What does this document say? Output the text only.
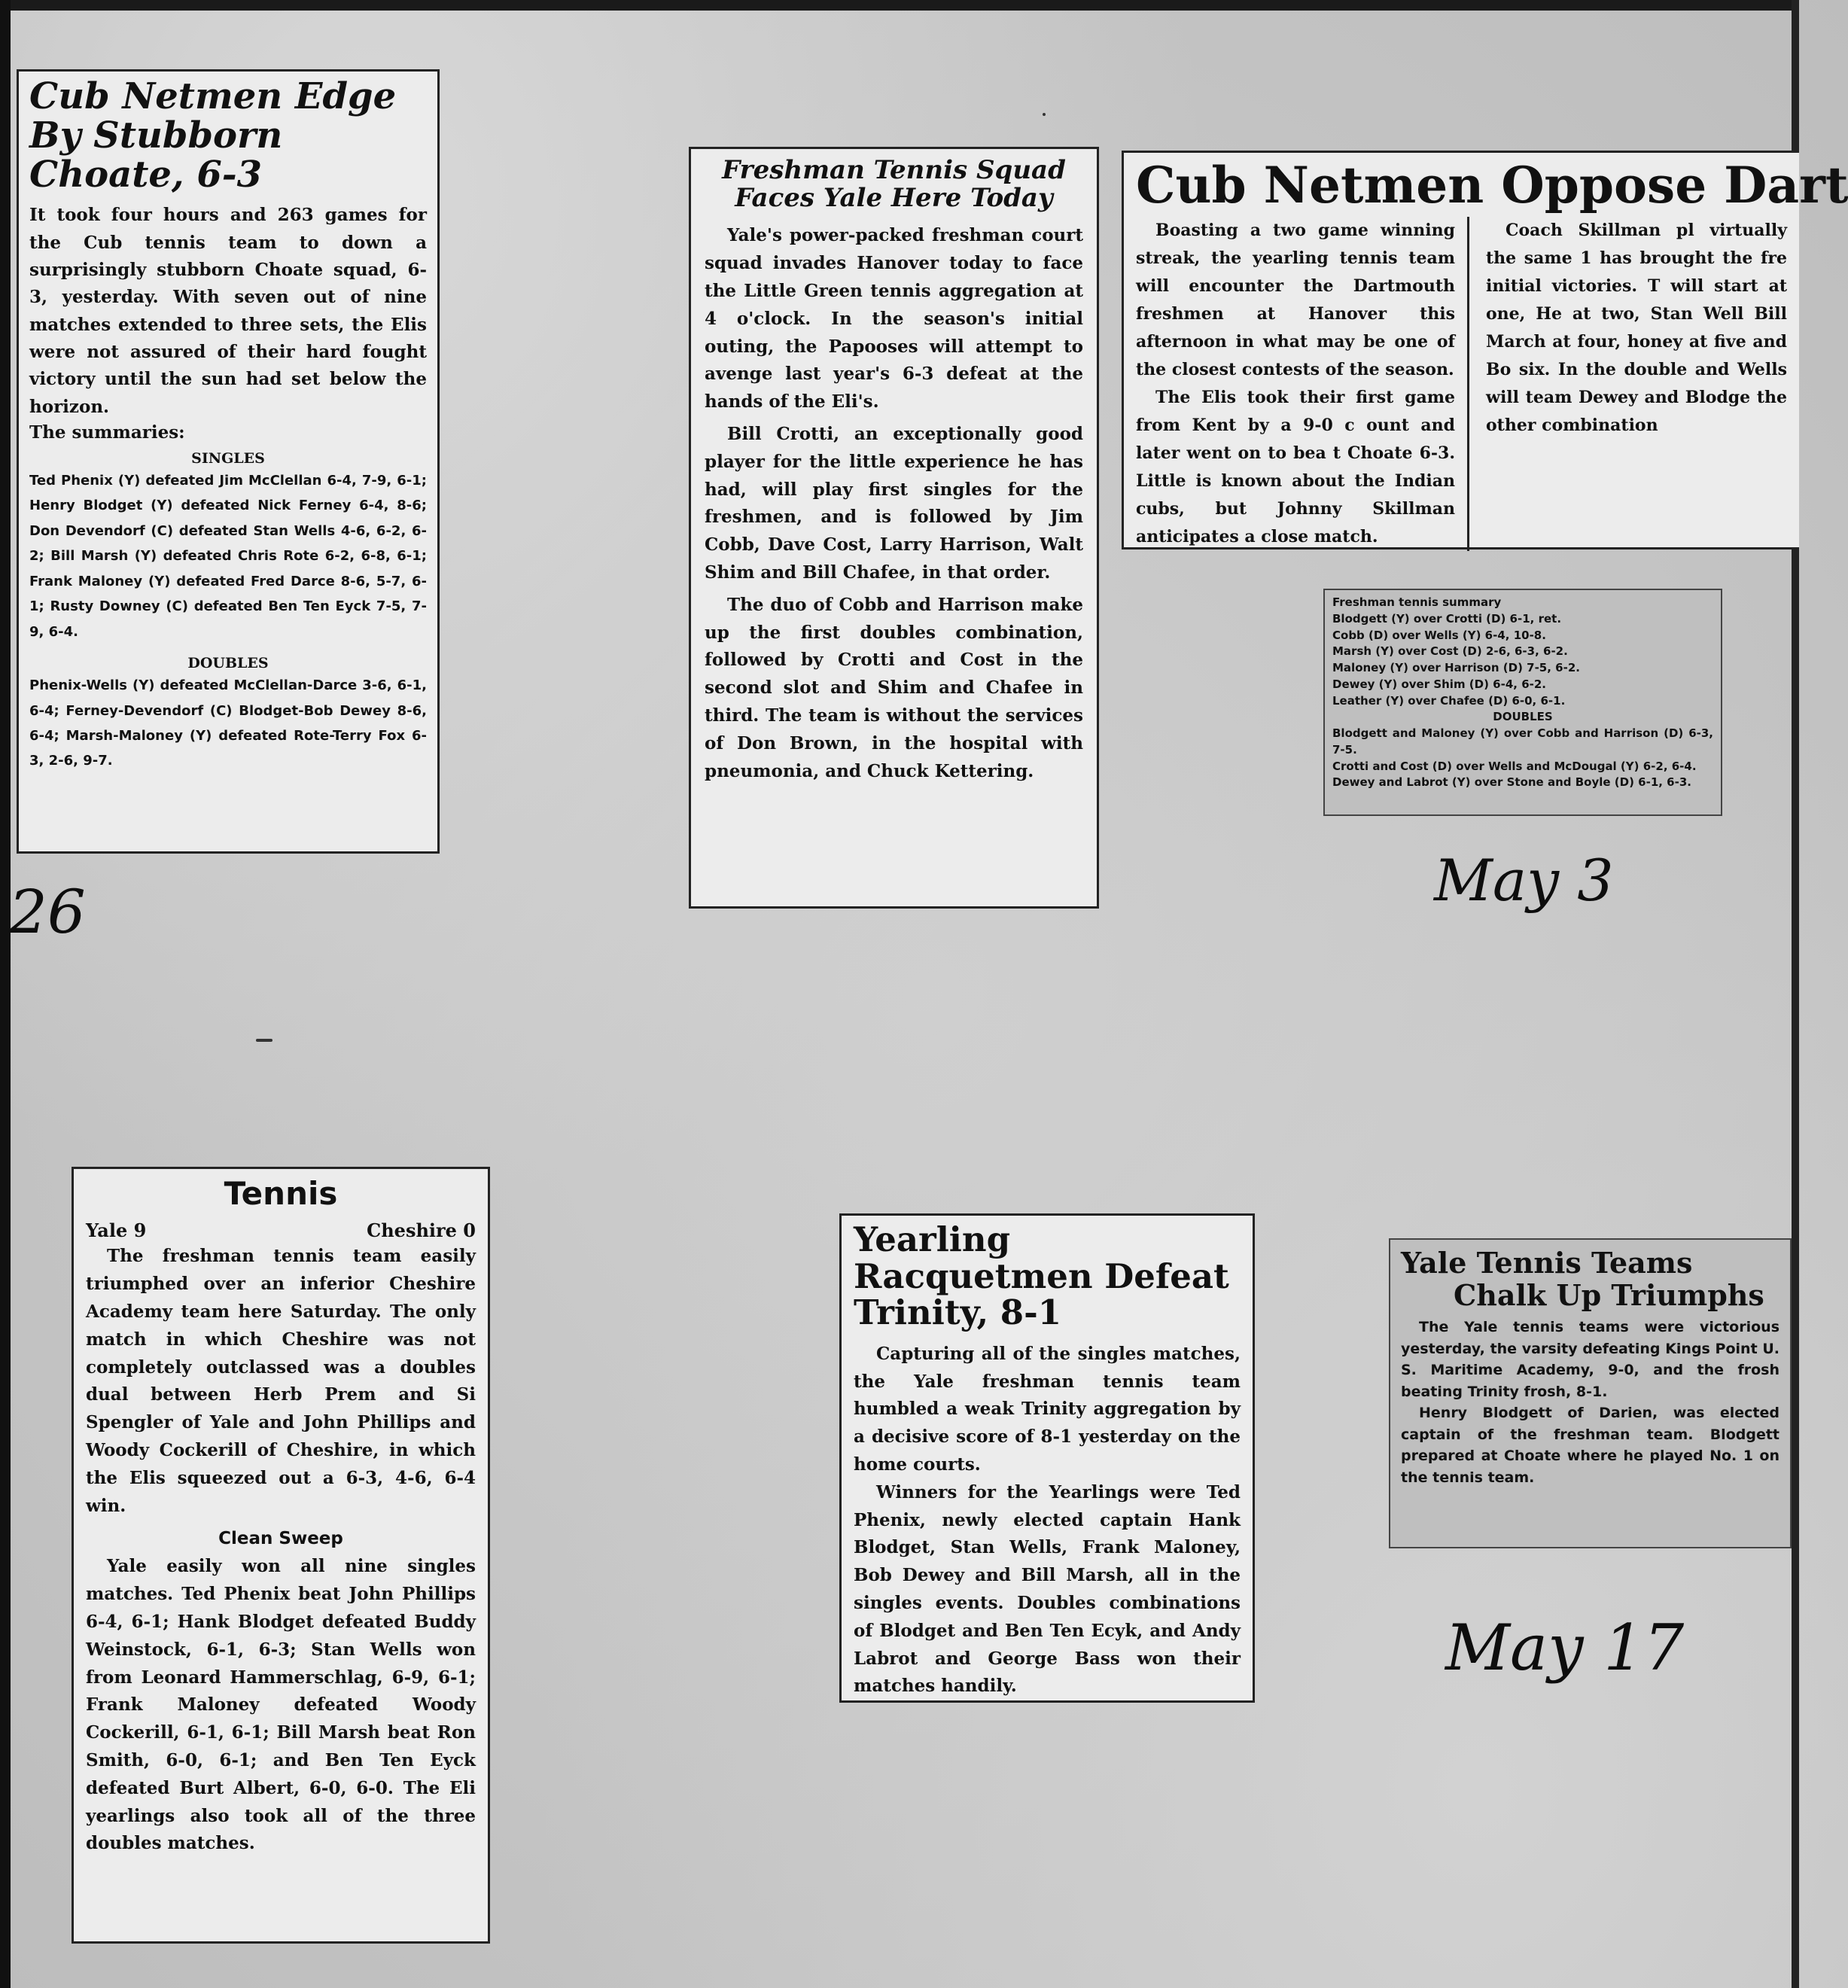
Cub Netmen Edge By Stubborn Choate, 6-3

It took four hours and 263 games for the Cub tennis team to down a surprisingly stubborn Choate squad, 6-3, yesterday. With seven out of nine matches extended to three sets, the Elis were not assured of their hard fought victory until the sun had set below the horizon.

The summaries:

SINGLES

Ted Phenix (Y) defeated Jim McClellan 6-4, 7-9, 6-1; Henry Blodget (Y) defeated Nick Ferney 6-4, 8-6; Don Devendorf (C) defeated Stan Wells 4-6, 6-2, 6-2; Bill Marsh (Y) defeated Chris Rote 6-2, 6-8, 6-1; Frank Maloney (Y) defeated Fred Darce 8-6, 5-7, 6-1; Rusty Downey (C) defeated Ben Ten Eyck 7-5, 7-9, 6-4.

DOUBLES

Phenix-Wells (Y) defeated McClellan-Darce 3-6, 6-1, 6-4; Ferney-Devendorf (C) Blodget-Bob Dewey 8-6, 6-4; Marsh-Maloney (Y) defeated Rote-Terry Fox 6-3, 2-6, 9-7.

26
Freshman Tennis Squad Faces Yale Here Today

Yale's power-packed freshman court squad invades Hanover today to face the Little Green tennis aggregation at 4 o'clock. In the season's initial outing, the Papooses will attempt to avenge last year's 6-3 defeat at the hands of the Eli's.

Bill Crotti, an exceptionally good player for the little experience he has had, will play first singles for the freshmen, and is followed by Jim Cobb, Dave Cost, Larry Harrison, Walt Shim and Bill Chafee, in that order.

The duo of Cobb and Harrison make up the first doubles combination, followed by Crotti and Cost in the second slot and Shim and Chafee in third. The team is without the services of Don Brown, in the hospital with pneumonia, and Chuck Kettering.

Cub Netmen Oppose Dart

Boasting a two game winning streak, the yearling tennis team will encounter the Dartmouth freshmen at Hanover this afternoon in what may be one of the closest contests of the season.

The Elis took their first game from Kent by a 9-0 c ount and later went on to bea t Choate 6-3. Little is known about the Indian cubs, but Johnny Skillman anticipates a close match.

Coach Skillman pl virtually the same 1 has brought the fre initial victories. T will start at one, He at two, Stan Well Bill March at four, honey at five and Bo six. In the double and Wells will team Dewey and Blodge the other combination

Freshman tennis summary
Blodgett (Y) over Crotti (D) 6-1, ret.
Cobb (D) over Wells (Y) 6-4, 10-8.
Marsh (Y) over Cost (D) 2-6, 6-3, 6-2.
Maloney (Y) over Harrison (D) 7-5, 6-2.
Dewey (Y) over Shim (D) 6-4, 6-2.
Leather (Y) over Chafee (D) 6-0, 6-1.
DOUBLES
Blodgett and Maloney (Y) over Cobb and Harrison (D) 6-3, 7-5.
Crotti and Cost (D) over Wells and McDougal (Y) 6-2, 6-4.
Dewey and Labrot (Y) over Stone and Boyle (D) 6-1, 6-3.
May 3
Tennis
Yale 9	Cheshire 0

The freshman tennis team easily triumphed over an inferior Cheshire Academy team here Saturday. The only match in which Cheshire was not completely outclassed was a doubles dual between Herb Prem and Si Spengler of Yale and John Phillips and Woody Cockerill of Cheshire, in which the Elis squeezed out a 6-3, 4-6, 6-4 win.

Clean Sweep

Yale easily won all nine singles matches. Ted Phenix beat John Phillips 6-4, 6-1; Hank Blodget defeated Buddy Weinstock, 6-1, 6-3; Stan Wells won from Leonard Hammerschlag, 6-9, 6-1; Frank Maloney defeated Woody Cockerill, 6-1, 6-1; Bill Marsh beat Ron Smith, 6-0, 6-1; and Ben Ten Eyck defeated Burt Albert, 6-0, 6-0. The Eli yearlings also took all of the three doubles matches.

Yearling Racquetmen Defeat Trinity, 8-1

Capturing all of the singles matches, the Yale freshman tennis team humbled a weak Trinity aggregation by a decisive score of 8-1 yesterday on the home courts.

Winners for the Yearlings were Ted Phenix, newly elected captain Hank Blodget, Stan Wells, Frank Maloney, Bob Dewey and Bill Marsh, all in the singles events. Doubles combinations of Blodget and Ben Ten Ecyk, and Andy Labrot and George Bass won their matches handily.

Yale Tennis Teams
Chalk Up Triumphs

The Yale tennis teams were victorious yesterday, the varsity defeating Kings Point U. S. Maritime Academy, 9-0, and the frosh beating Trinity frosh, 8-1.

Henry Blodgett of Darien, was elected captain of the freshman team. Blodgett prepared at Choate where he played No. 1 on the tennis team.

May 17
